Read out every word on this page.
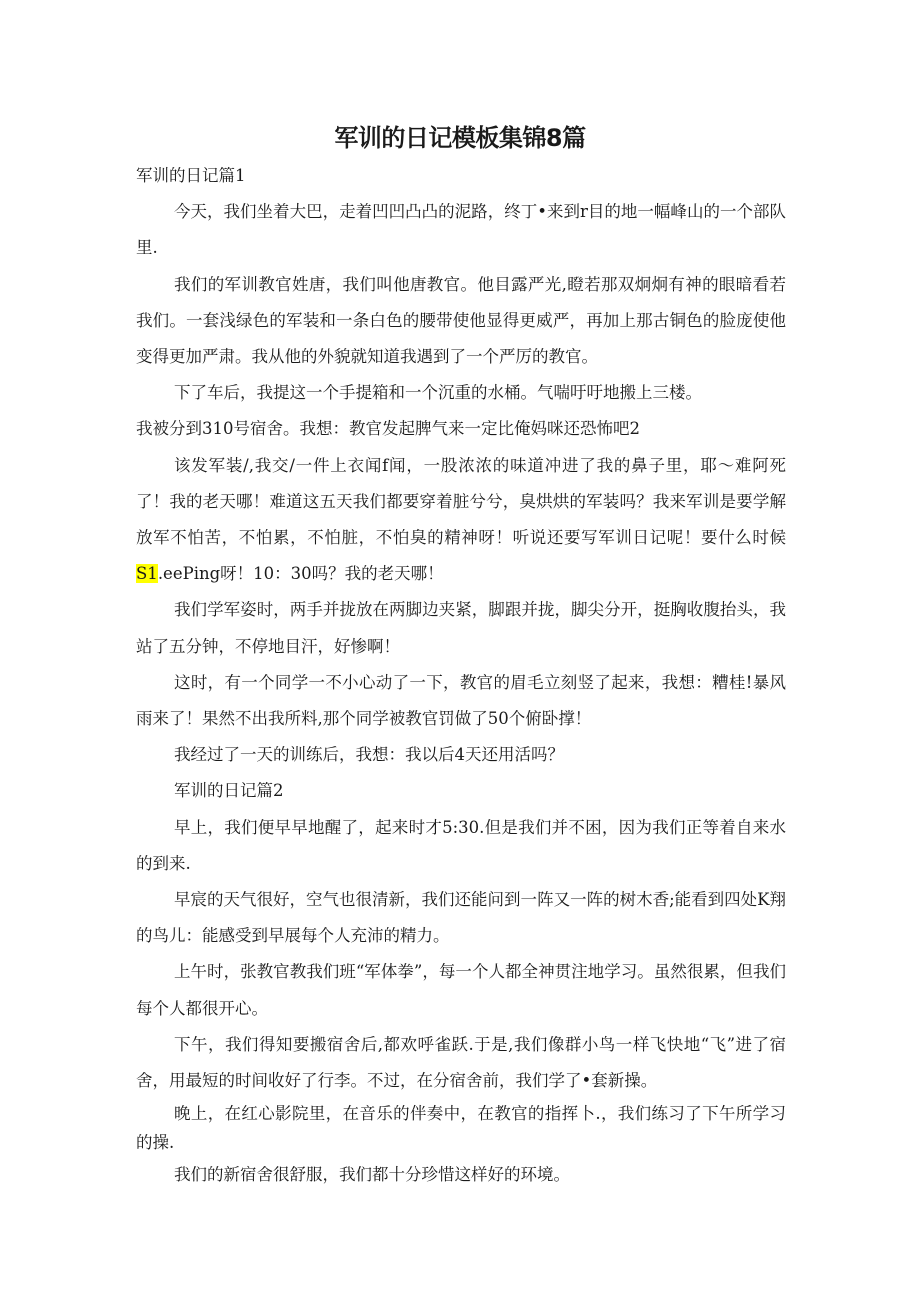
军训的日记模板集锦8篇

军训的日记篇1

今天，我们坐着大巴，走着凹凹凸凸的泥路，终丁•来到r目的地一幅峰山的一个部队里.

我们的军训教官姓唐，我们叫他唐教官。他目露严光,瞪若那双炯炯有神的眼暗看若我们。一套浅绿色的军装和一条白色的腰带使他显得更威严，再加上那古铜色的脸庞使他变得更加严肃。我从他的外貌就知道我遇到了一个严厉的教官。

下了车后，我提这一个手提箱和一个沉重的水桶。气喘吁吁地搬上三楼。

我被分到310号宿舍。我想：教官发起脾气来一定比俺妈咪还恐怖吧2

该发军装/,我交/一件上衣闻f闻，一股浓浓的味道冲进了我的鼻子里，耶～难阿死了！我的老天哪！难道这五天我们都要穿着脏兮兮，臭烘烘的军装吗？我来军训是要学解放军不怕苦，不怕累，不怕脏，不怕臭的精神呀！听说还要写军训日记呢！要什么时候S1.eePing呀！10：30吗？我的老天哪！

我们学军姿时，两手并拢放在两脚边夹紧，脚跟并拢，脚尖分开，挺胸收腹抬头，我站了五分钟，不停地目汗，好惨啊！

这时，有一个同学一不小心动了一下，教官的眉毛立刻竖了起来，我想：糟桂!暴风雨来了！果然不出我所料,那个同学被教官罚做了50个俯卧撑！

我经过了一天的训练后，我想：我以后4天还用活吗？

军训的日记篇2

早上，我们便早早地醒了，起来时才5:30.但是我们并不困，因为我们正等着自来水的到来.

早宸的天气很好，空气也很清新，我们还能问到一阵又一阵的树木香;能看到四处K翔的鸟儿：能感受到早展每个人充沛的精力。

上午时，张教官教我们班“军体拳”，每一个人都全神贯注地学习。虽然很累，但我们每个人都很开心。

下午，我们得知要搬宿舍后,都欢呼雀跃.于是,我们像群小鸟一样飞快地“飞”进了宿舍，用最短的时间收好了行李。不过，在分宿舍前，我们学了•套新操。

晚上，在红心影院里，在音乐的伴奏中，在教官的指挥卜.，我们练习了下午所学习的操.

我们的新宿舍很舒服，我们都十分珍惜这样好的环境。
